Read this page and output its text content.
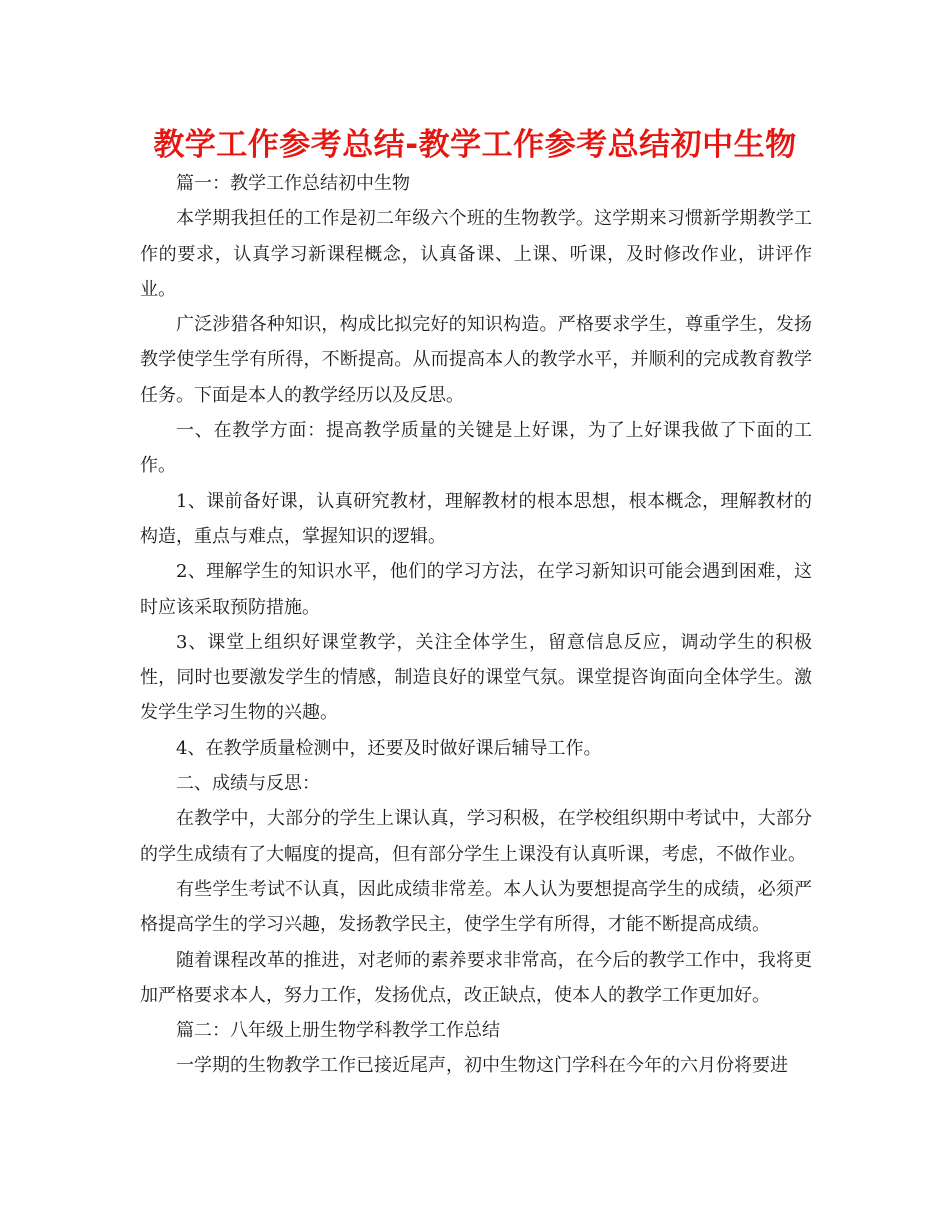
教学工作参考总结-教学工作参考总结初中生物

篇一：教学工作总结初中生物

本学期我担任的工作是初二年级六个班的生物教学。这学期来习惯新学期教学工作的要求，认真学习新课程概念，认真备课、上课、听课，及时修改作业，讲评作业。

广泛涉猎各种知识，构成比拟完好的知识构造。严格要求学生，尊重学生，发扬教学使学生学有所得，不断提高。从而提高本人的教学水平，并顺利的完成教育教学任务。下面是本人的教学经历以及反思。

一、在教学方面：提高教学质量的关键是上好课，为了上好课我做了下面的工作。

1、课前备好课，认真研究教材，理解教材的根本思想，根本概念，理解教材的构造，重点与难点，掌握知识的逻辑。

2、理解学生的知识水平，他们的学习方法，在学习新知识可能会遇到困难，这时应该采取预防措施。

3、课堂上组织好课堂教学，关注全体学生，留意信息反应，调动学生的积极性，同时也要激发学生的情感，制造良好的课堂气氛。课堂提咨询面向全体学生。激发学生学习生物的兴趣。

4、在教学质量检测中，还要及时做好课后辅导工作。

二、成绩与反思：

在教学中，大部分的学生上课认真，学习积极，在学校组织期中考试中，大部分的学生成绩有了大幅度的提高，但有部分学生上课没有认真听课，考虑，不做作业。

有些学生考试不认真，因此成绩非常差。本人认为要想提高学生的成绩，必须严格提高学生的学习兴趣，发扬教学民主，使学生学有所得，才能不断提高成绩。

随着课程改革的推进，对老师的素养要求非常高，在今后的教学工作中，我将更加严格要求本人，努力工作，发扬优点，改正缺点，使本人的教学工作更加好。

篇二：八年级上册生物学科教学工作总结

一学期的生物教学工作已接近尾声，初中生物这门学科在今年的六月份将要进
